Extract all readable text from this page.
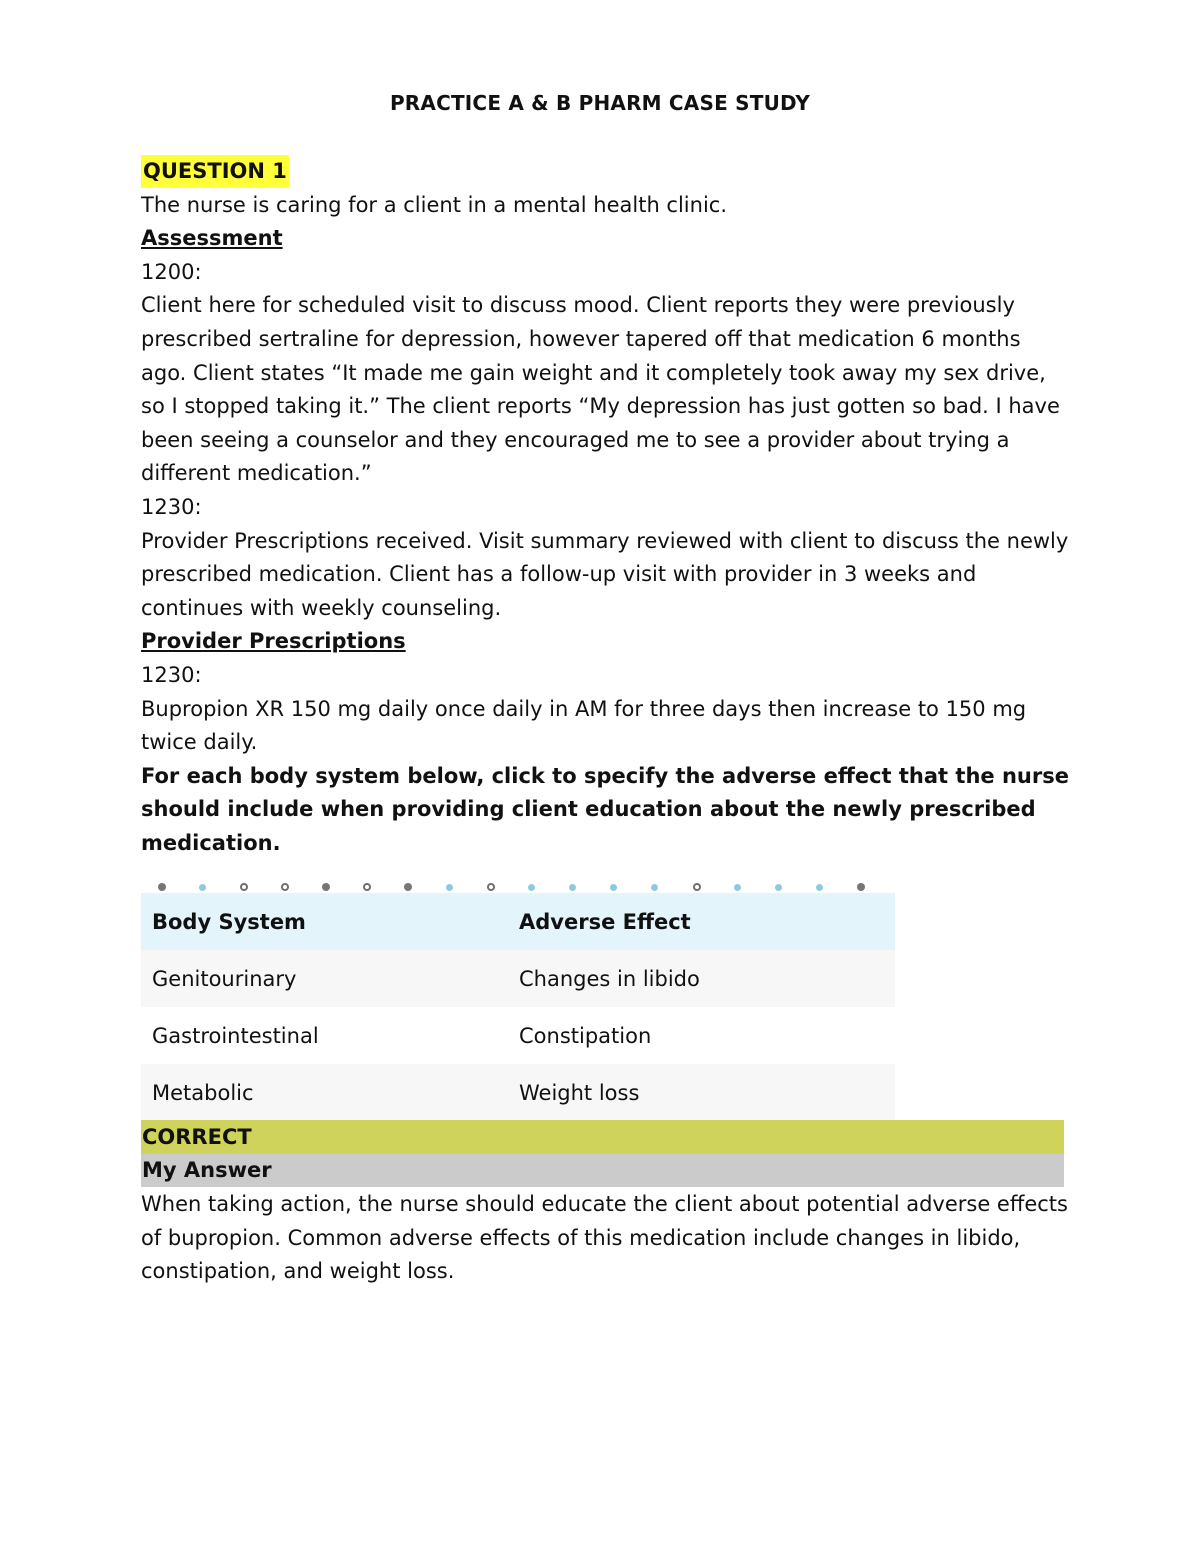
PRACTICE A & B PHARM CASE STUDY
QUESTION 1

The nurse is caring for a client in a mental health clinic.

Assessment

1200:

Client here for scheduled visit to discuss mood. Client reports they were previously prescribed sertraline for depression, however tapered off that medication 6 months ago. Client states “It made me gain weight and it completely took away my sex drive, so I stopped taking it.” The client reports “My depression has just gotten so bad. I have been seeing a counselor and they encouraged me to see a provider about trying a different medication.”

1230:

Provider Prescriptions received. Visit summary reviewed with client to discuss the newly prescribed medication. Client has a follow-up visit with provider in 3 weeks and continues with weekly counseling.

Provider Prescriptions

1230:

Bupropion XR 150 mg daily once daily in AM for three days then increase to 150 mg twice daily.

For each body system below, click to specify the adverse effect that the nurse should include when providing client education about the newly prescribed medication.

Body System	Adverse Effect
Genitourinary	Changes in libido
Gastrointestinal	Constipation
Metabolic	Weight loss
CORRECT
My Answer

When taking action, the nurse should educate the client about potential adverse effects of bupropion. Common adverse effects of this medication include changes in libido, constipation, and weight loss.
